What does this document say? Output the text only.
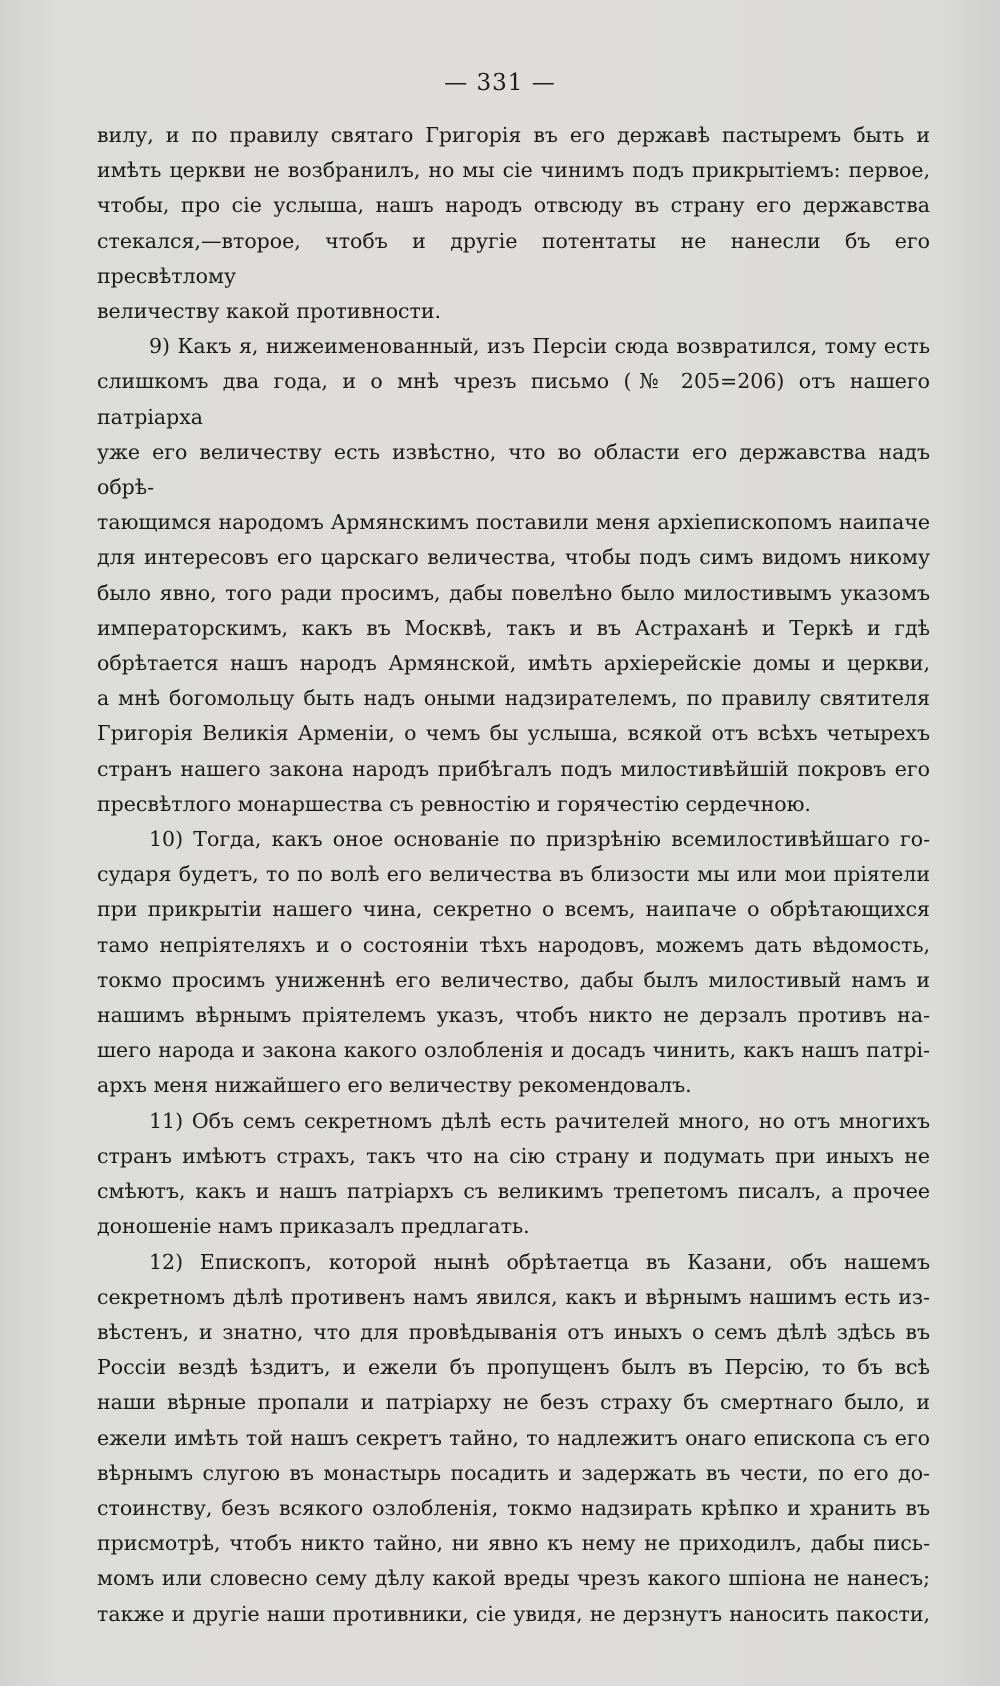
— 331 —
вилу, и по правилу святаго Григорія въ его державѣ пастыремъ быть и
имѣть церкви не возбранилъ, но мы сіе чинимъ подъ прикрытіемъ: первое,
чтобы, про сіе услыша, нашъ народъ отвсюду въ страну его державства
стекался,—второе, чтобъ и другіе потентаты не нанесли бъ его пресвѣтлому
величеству какой противности.
9) Какъ я, нижеименованный, изъ Персіи сюда возвратился, тому есть
слишкомъ два года, и о мнѣ чрезъ письмо (№ 205=206) отъ нашего патріарха
уже его величеству есть извѣстно, что во области его державства надъ обрѣ-
тающимся народомъ Армянскимъ поставили меня архіепископомъ наипаче
для интересовъ его царскаго величества, чтобы подъ симъ видомъ никому
было явно, того ради просимъ, дабы повелѣно было милостивымъ указомъ
императорскимъ, какъ въ Москвѣ, такъ и въ Астраханѣ и Теркѣ и гдѣ
обрѣтается нашъ народъ Армянской, имѣть архіерейскіе домы и церкви,
а мнѣ богомольцу быть надъ оными надзирателемъ, по правилу святителя
Григорія Великія Арменіи, о чемъ бы услыша, всякой отъ всѣхъ четырехъ
странъ нашего закона народъ прибѣгалъ подъ милостивѣйшій покровъ его
пресвѣтлого монаршества съ ревностію и горячестію сердечною.
10) Тогда, какъ оное основаніе по призрѣнію всемилостивѣйшаго го-
сударя будетъ, то по волѣ его величества въ близости мы или мои пріятели
при прикрытіи нашего чина, секретно о всемъ, наипаче о обрѣтающихся
тамо непріятеляхъ и о состояніи тѣхъ народовъ, можемъ дать вѣдомость,
токмо просимъ униженнѣ его величество, дабы былъ милостивый намъ и
нашимъ вѣрнымъ пріятелемъ указъ, чтобъ никто не дерзалъ противъ на-
шего народа и закона какого озлобленія и досадъ чинить, какъ нашъ патрі-
архъ меня нижайшего его величеству рекомендовалъ.
11) Объ семъ секретномъ дѣлѣ есть рачителей много, но отъ многихъ
странъ имѣютъ страхъ, такъ что на сію страну и подумать при иныхъ не
смѣютъ, какъ и нашъ патріархъ съ великимъ трепетомъ писалъ, а прочее
доношеніе намъ приказалъ предлагать.
12) Епископъ, которой нынѣ обрѣтаетца въ Казани, объ нашемъ
секретномъ дѣлѣ противенъ намъ явился, какъ и вѣрнымъ нашимъ есть из-
вѣстенъ, и знатно, что для провѣдыванія отъ иныхъ о семъ дѣлѣ здѣсь въ
Россіи вездѣ ѣздитъ, и ежели бъ пропущенъ былъ въ Персію, то бъ всѣ
наши вѣрные пропали и патріарху не безъ страху бъ смертнаго было, и
ежели имѣть той нашъ секретъ тайно, то надлежитъ онаго епископа съ его
вѣрнымъ слугою въ монастырь посадить и задержать въ чести, по его до-
стоинству, безъ всякого озлобленія, токмо надзирать крѣпко и хранить въ
присмотрѣ, чтобъ никто тайно, ни явно къ нему не приходилъ, дабы пись-
момъ или словесно сему дѣлу какой вреды чрезъ какого шпіона не нанесъ;
также и другіе наши противники, сіе увидя, не дерзнутъ наносить пакости,
